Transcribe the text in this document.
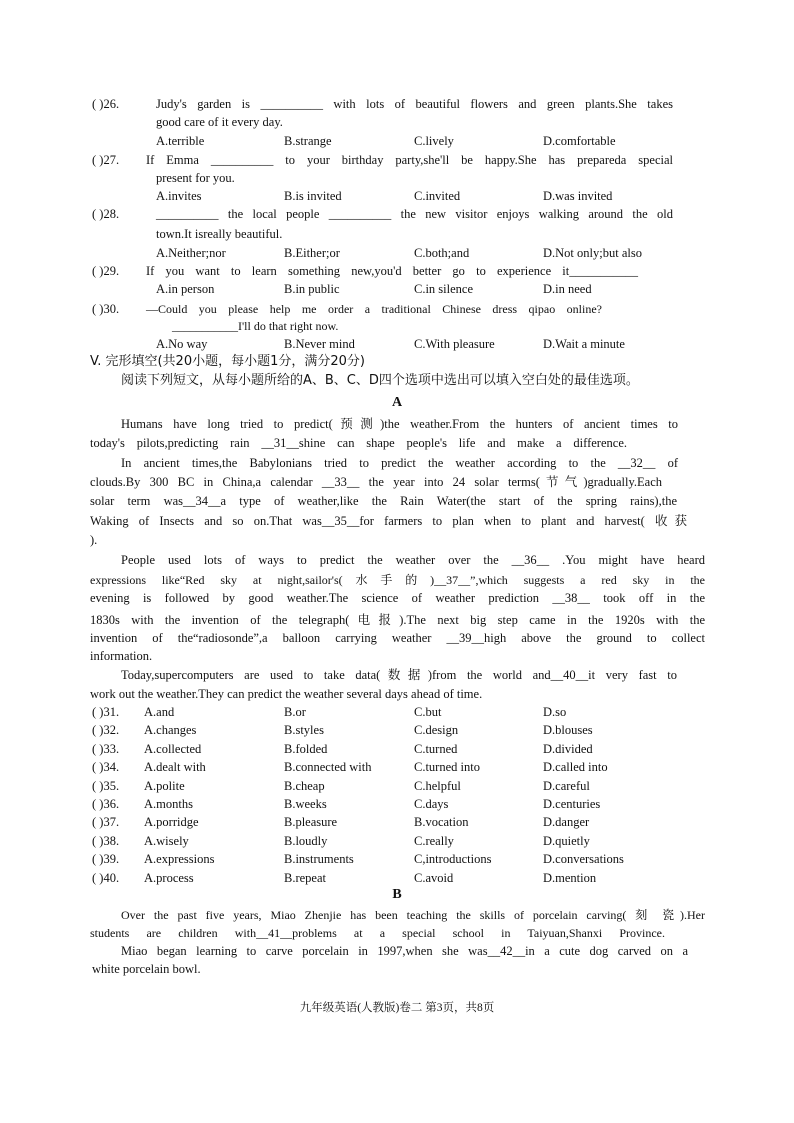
( )26.	Judy's garden is __________ with lots of beautiful flowers and green plants.She takes
good care of it every day.
A.terrible	B.strange	C.lively	D.comfortable
( )27. If Emma __________ to your birthday party,she'll be happy.She has prepareda special
present for you.
A.invites	B.is invited	C.invited	D.was invited
( )28.	__________ the local people __________ the new visitor enjoys walking around the old
town.It isreally beautiful.
A.Neither;nor	B.Either;or	C.both;and	D.Not only;but also
( )29. If you want to learn something new,you'd better go to experience it___________
A.in person	B.in public	C.in silence	D.in need
( )30. —Could you please help me order a traditional Chinese dress qipao online?
___________I'll do that right now.
A.No way	B.Never mind	C.With pleasure	D.Wait a minute
V. 完形填空(共20小题，每小题1分，满分20分)
阅读下列短文，从每小题所给的A、B、C、D四个选项中选出可以填入空白处的最佳选项。
A
Humans have long tried to predict(预测)the weather.From the hunters of ancient times to
today's pilots,predicting rain __31__shine can shape people's life and make a difference.
In ancient times,the Babylonians tried to predict the weather according to the __32__ of
clouds.By 300 BC in China,a calendar __33__ the year into 24 solar terms(节气)gradually.Each
solar term was__34__a type of weather,like the Rain Water(the start of the spring rains),the
Waking of Insects and so on.That was__35__for farmers to plan when to plant and harvest( 收获
).
People used lots of ways to predict the weather over the __36__ .You might have heard
expressions like“Red sky at night,sailor's(水手的)__37__”,which suggests a red sky in the
evening is followed by good weather.The science of weather prediction __38__ took off in the
1830s with the invention of the telegraph(电报).The next big step came in the 1920s with the
invention of the“radiosonde”,a balloon carrying weather __39__high above the ground to collect
information.
Today,supercomputers are used to take data(数据)from the world and__40__it very fast to
work out the weather.They can predict the weather several days ahead of time.
( )31. A.and	B.or	C.but	D.so
( )32. A.changes	B.styles	C.design	D.blouses
( )33. A.collected	B.folded	C.turned	D.divided
( )34. A.dealt with	B.connected with	C.turned into	D.called into
( )35. A.polite	B.cheap	C.helpful	D.careful
( )36. A.months	B.weeks	C.days	D.centuries
( )37. A.porridge	B.pleasure	B.vocation	D.danger
( )38. A.wisely	B.loudly	C.really	D.quietly
( )39. A.expressions	B.instruments	C,introductions	D.conversations
( )40. A.process	B.repeat	C.avoid	D.mention
B
Over the past five years, Miao Zhenjie has been teaching the skills of porcelain carving( 刻 瓷).Her
students are children with__41__problems at a special school in Taiyuan,Shanxi Province.
Miao began learning to carve porcelain in 1997,when she was__42__in a cute dog carved on a
white porcelain bowl.
九年级英语(人教版)卷二 第3页，共8页
